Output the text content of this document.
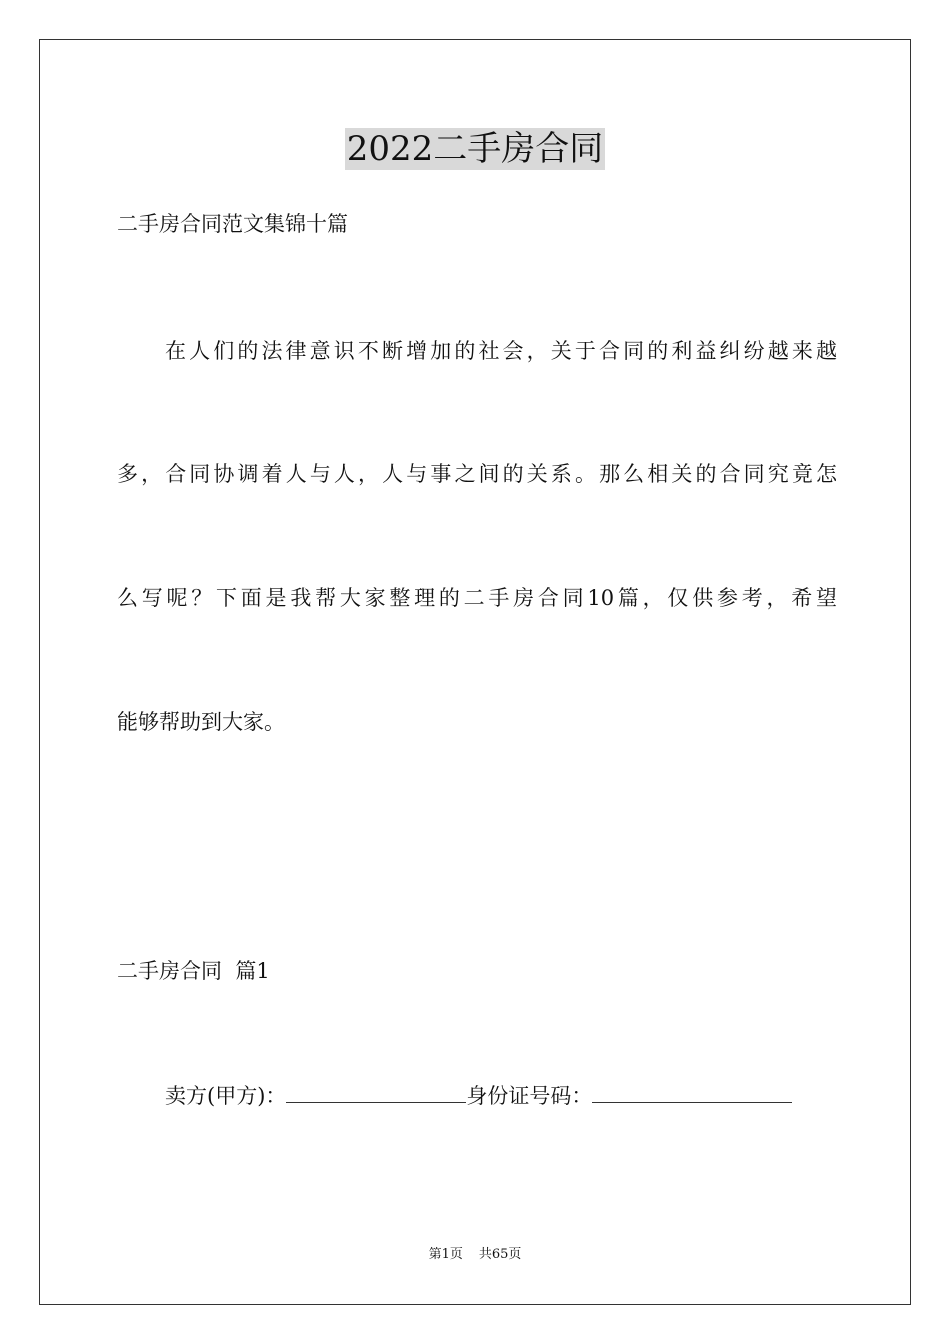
2022二手房合同
二手房合同范文集锦十篇
在人们的法律意识不断增加的社会，关于合同的利益纠纷越来越
多，合同协调着人与人，人与事之间的关系。那么相关的合同究竟怎
么写呢？下面是我帮大家整理的二手房合同10篇，仅供参考，希望
能够帮助到大家。
二手房合同  篇1
卖方(甲方)：	身份证号码：
第1页 共65页
